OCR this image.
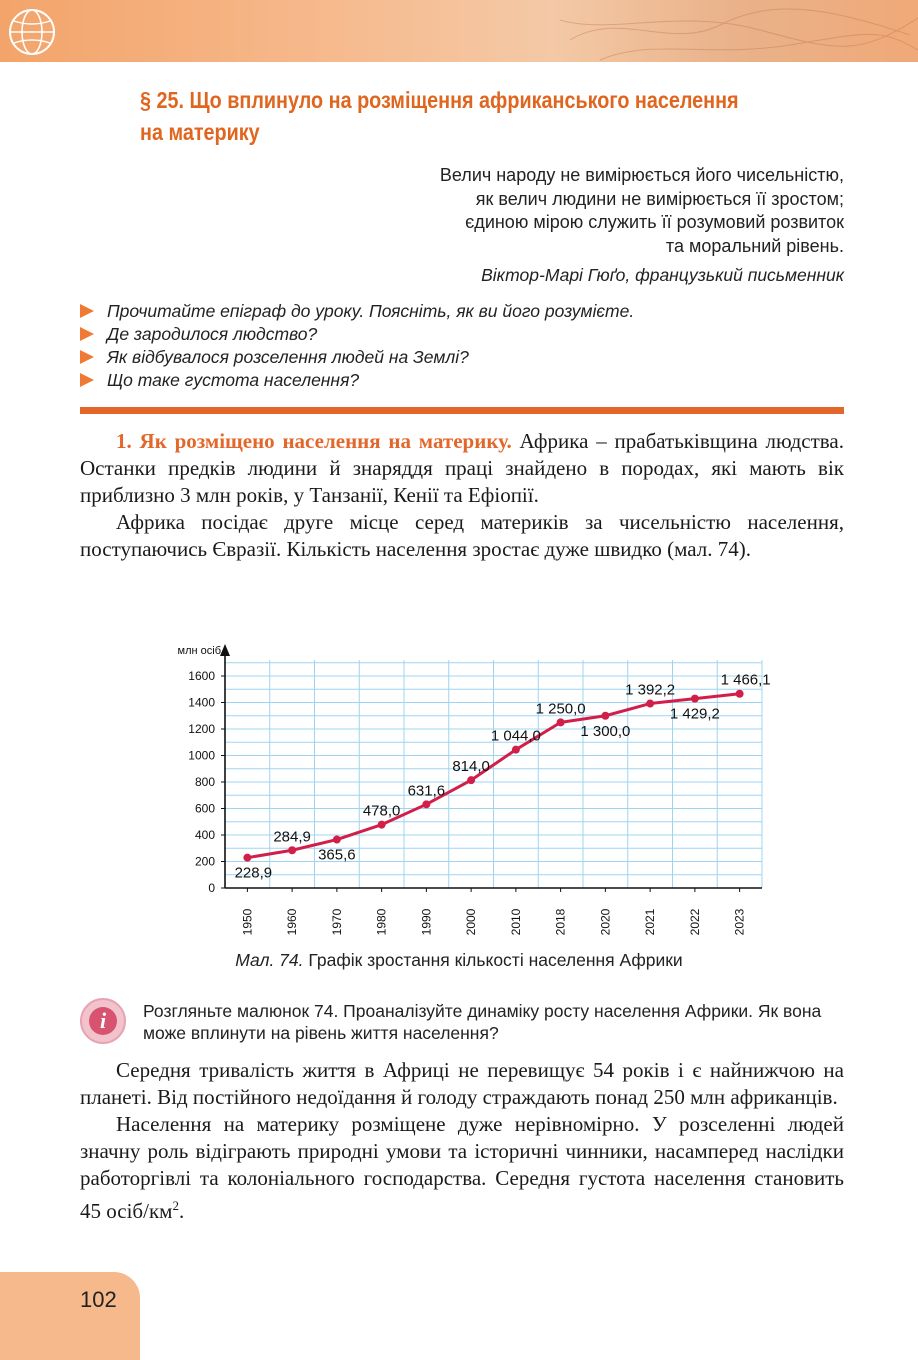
§ 25. Що вплинуло на розміщення африканського населення на материку
Велич народу не вимірюється його чисельністю,
як велич людини не вимірюється її зростом;
єдиною мірою служить її розумовий розвиток
та моральний рівень.
Віктор-Марі Гюґо, французький письменник
Прочитайте епіграф до уроку. Поясніть, як ви його розумієте.
Де зародилося людство?
Як відбувалося розселення людей на Землі?
Що таке густота населення?

1. Як розміщено населення на материку. Африка – прабатьківщина людства. Останки предків людини й знаряддя праці знайдено в породах, які мають вік приблизно 3 млн років, у Танзанії, Кенії та Ефіопії.

Африка посідає друге місце серед материків за чисельністю населення, поступаючись Євразії. Кількість населення зростає дуже швидко (мал. 74).

млн осіб
0
200
400
600
800
1000
1200
1400
1600
1950	1960	1970	1980	1990	2000	2010	2018	2020	2021	2022	2023
228,9
284,9
365,6
478,0
631,6
814,0
1 044,0
1 250,0
1 300,0
1 392,2
1 429,2
1 466,1
Мал. 74. Графік зростання кількості населення Африки
i	Розгляньте малюнок 74. Проаналізуйте динаміку росту населення Африки. Як вона може вплинути на рівень життя населення?

Середня тривалість життя в Африці не перевищує 54 років і є найнижчою на планеті. Від постійного недоїдання й голоду страждають понад 250 млн африканців.

Населення на материку розміщене дуже нерівномірно. У розселенні людей значну роль відіграють природні умови та історичні чинники, насамперед наслідки работоргівлі та колоніального господарства. Середня густота населення становить 45 осіб/$км^2$.

102
